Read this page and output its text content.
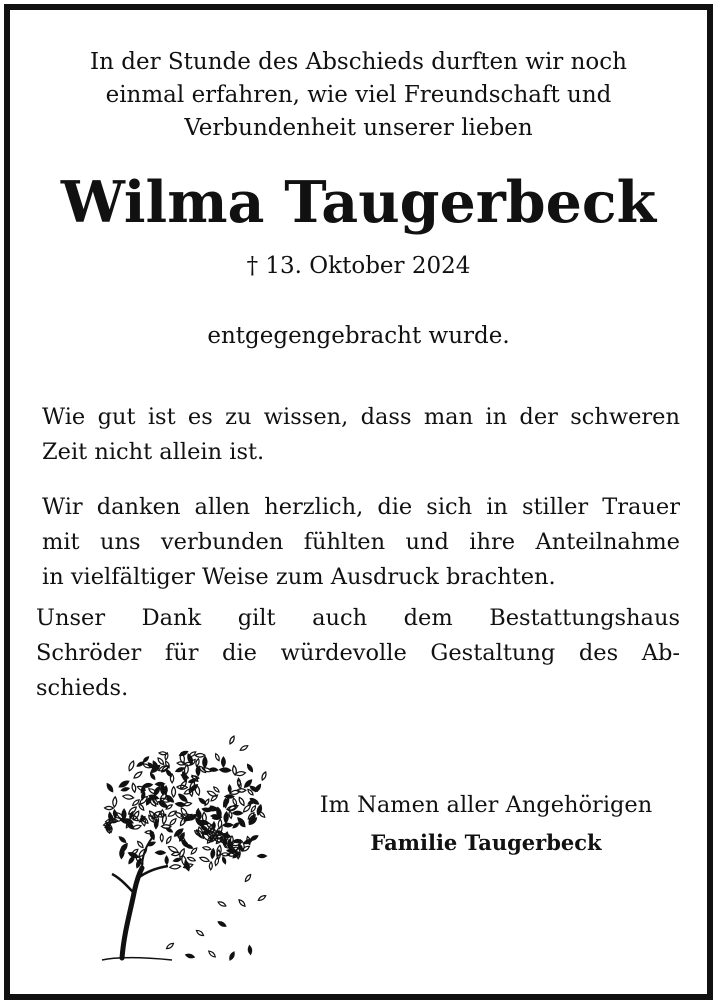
In der Stunde des Abschieds durften wir noch
einmal erfahren, wie viel Freundschaft und
Verbundenheit unserer lieben
Wilma Taugerbeck
† 13. Oktober 2024
entgegengebracht wurde.
Wie gut ist es zu wissen, dass man in der schweren
Zeit nicht allein ist.
Wir danken allen herzlich, die sich in stiller Trauer
mit uns verbunden fühlten und ihre Anteilnahme
in vielfältiger Weise zum Ausdruck brachten.
Unser Dank gilt auch dem Bestattungshaus
Schröder für die würdevolle Gestaltung des Ab-
schieds.
Im Namen aller Angehörigen
Familie Taugerbeck
